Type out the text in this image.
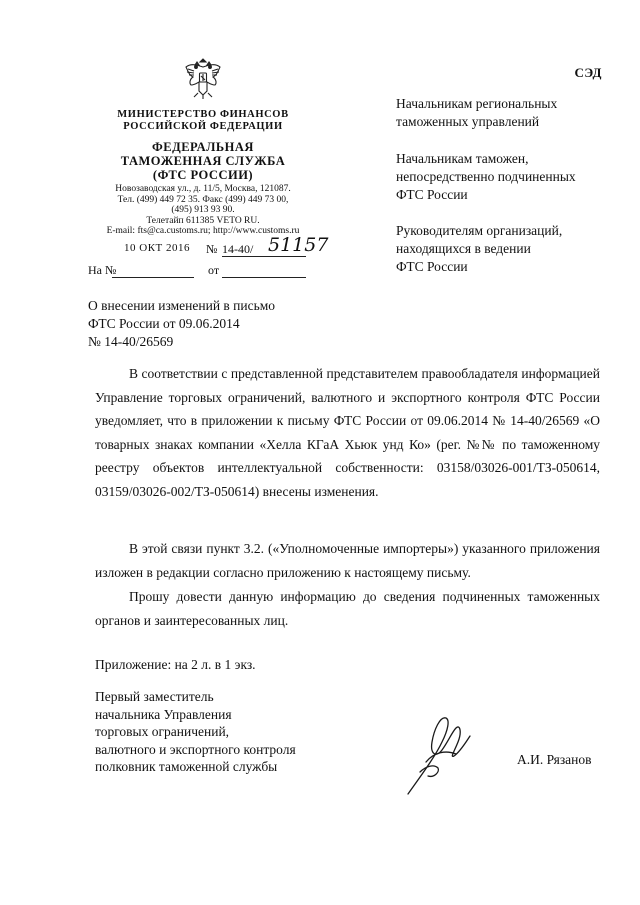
СЭД
МИНИСТЕРСТВО ФИНАНСОВ
РОССИЙСКОЙ ФЕДЕРАЦИИ
ФЕДЕРАЛЬНАЯ
ТАМОЖЕННАЯ СЛУЖБА
(ФТС РОССИИ)
Новозаводская ул., д. 11/5, Москва, 121087.
Тел. (499) 449 72 35. Факс (499) 449 73 00,
(495) 913 93 90.
Телетайп 611385 VETO RU.
E-mail: fts@ca.customs.ru; http://www.customs.ru
10 ОКТ 2016 № 14-40/ 51157
На №	от
Начальникам региональных
таможенных управлений
Начальникам таможен,
непосредственно подчиненных
ФТС России
Руководителям организаций,
находящихся в ведении
ФТС России
О внесении изменений в письмо
ФТС России от 09.06.2014
№ 14-40/26569

В соответствии с представленной представителем правообладателя информацией Управление торговых ограничений, валютного и экспортного контроля ФТС России уведомляет, что в приложении к письму ФТС России от 09.06.2014 № 14-40/26569 «О товарных знаках компании «Хелла КГаА Хьюк унд Ко» (рег. №№ по таможенному реестру объектов интеллектуальной собственности: 03158/03026-001/ТЗ-050614, 03159/03026-002/ТЗ-050614) внесены изменения.

В этой связи пункт 3.2. («Уполномоченные импортеры») указанного приложения изложен в редакции согласно приложению к настоящему письму.

Прошу довести данную информацию до сведения подчиненных таможенных органов и заинтересованных лиц.

Приложение: на 2 л. в 1 экз.
Первый заместитель
начальника Управления
торговых ограничений,
валютного и экспортного контроля
полковник таможенной службы	А.И. Рязанов
